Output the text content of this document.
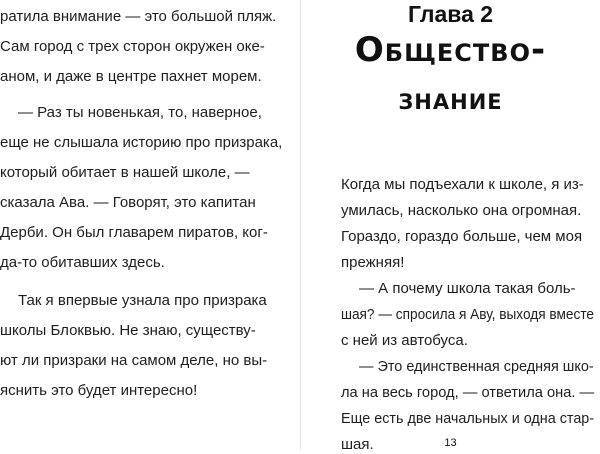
ратила внимание — это большой пляж.
Сам город с трех сторон окружен оке-
аном, и даже в центре пахнет морем.
— Раз ты новенькая, то, наверное,
еще не слышала историю про призрака,
который обитает в нашей школе, —
сказала Ава. — Говорят, это капитан
Дерби. Он был главарем пиратов, ког-
да-то обитавших здесь.
Так я впервые узнала про призрака
школы Блоквью. Не знаю, существу-
ют ли призраки на самом деле, но вы-
яснить это будет интересно!
Глава 2
Общество-
знание
Когда мы подъехали к школе, я из-
умилась, насколько она огромная.
Гораздо, гораздо больше, чем моя
прежняя!
— А почему школа такая боль-
шая? — спросила я Аву, выходя вместе
с ней из автобуса.
— Это единственная средняя шко-
ла на весь город, — ответила она. —
Еще есть две начальных и одна стар-
шая.	13
